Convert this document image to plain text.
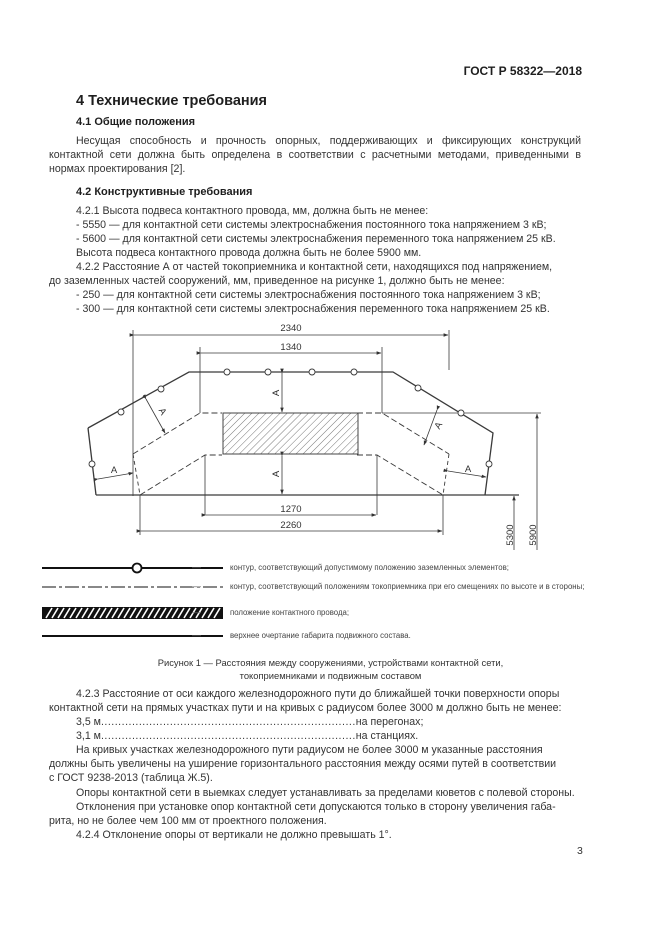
ГОСТ Р 58322—2018
4 Технические требования
4.1 Общие положения

Несущая способность и прочность опорных, поддерживающих и фиксирующих конструкций контактной сети должна быть определена в соответствии с расчетными методами, приведенными в нормах проектирования [2].

4.2 Конструктивные требования
4.2.1 Высота подвеса контактного провода, мм, должна быть не менее:
- 5550 — для контактной сети системы электроснабжения постоянного тока напряжением 3 кВ;
- 5600 — для контактной сети системы электроснабжения переменного тока напряжением 25 кВ.
Высота подвеса контактного провода должна быть не более 5900 мм.
4.2.2 Расстояние А от частей токоприемника и контактной сети, находящихся под напряжением,
до заземленных частей сооружений, мм, приведенное на рисунке 1, должно быть не менее:
- 250 — для контактной сети системы электроснабжения постоянного тока напряжением 3 кВ;
- 300 — для контактной сети системы электроснабжения переменного тока напряжением 25 кВ.
2340
1340
1270
2260	5300 5900
А
А
А
А
А	А
—	контур, соответствующий допустимому положению заземленных элементов;
—	контур, соответствующий положениям токоприемника при его смещениях по высоте и в стороны;
—	положение контактного провода;
—	верхнее очертание габарита подвижного состава.
Рисунок 1 — Расстояния между сооружениями, устройствами контактной сети,
токоприемниками и подвижным составом
4.2.3 Расстояние от оси каждого железнодорожного пути до ближайшей точки поверхности опоры
контактной сети на прямых участках пути и на кривых с радиусом более 3000 м должно быть не менее:
3,5 м..........................................................................на перегонах;
3,1 м..........................................................................на станциях.
На кривых участках железнодорожного пути радиусом не более 3000 м указанные расстояния
должны быть увеличены на уширение горизонтального расстояния между осями путей в соответствии
с ГОСТ 9238-2013 (таблица Ж.5).
Опоры контактной сети в выемках следует устанавливать за пределами кюветов с полевой стороны.
Отклонения при установке опор контактной сети допускаются только в сторону увеличения габа-
рита, но не более чем 100 мм от проектного положения.
4.2.4 Отклонение опоры от вертикали не должно превышать 1°.
3
